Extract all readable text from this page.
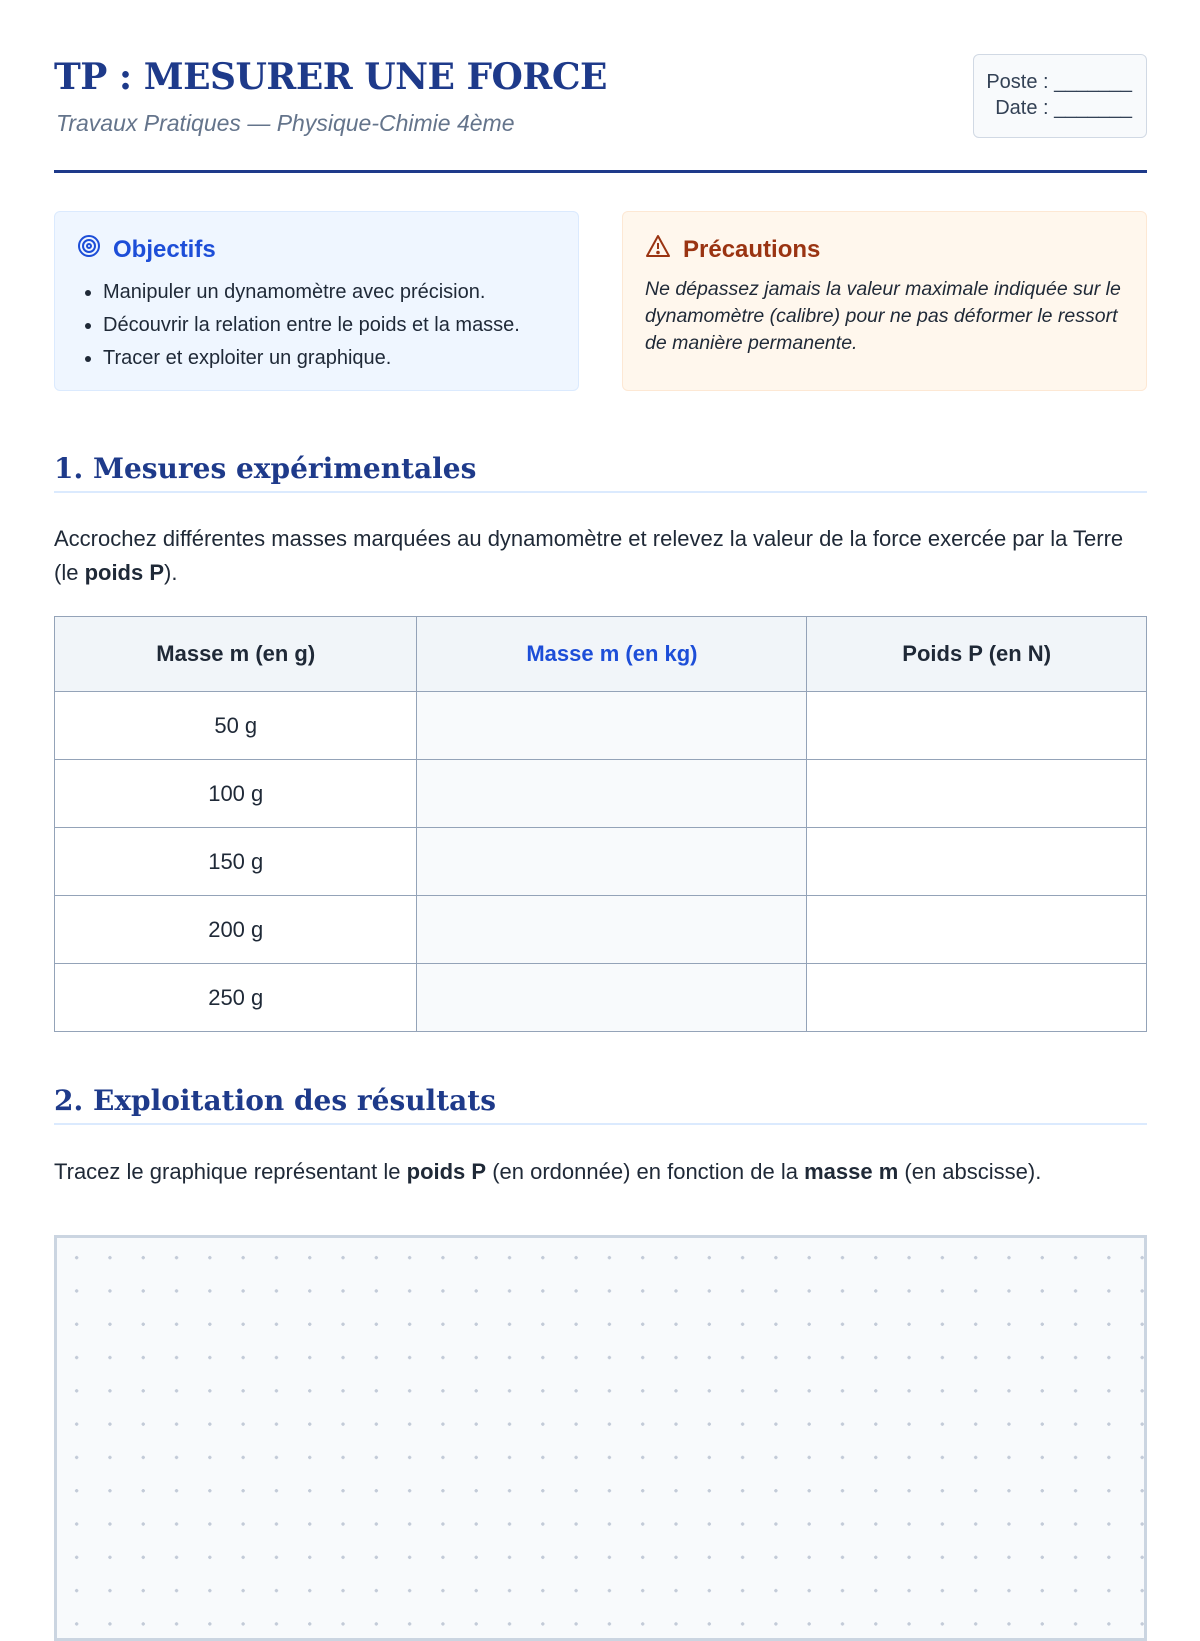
TP : MESURER UNE FORCE
Travaux Pratiques — Physique-Chimie 4ème
Poste : _______
Date : _______
Objectifs
• Manipuler un dynamomètre avec précision.
• Découvrir la relation entre le poids et la masse.
• Tracer et exploiter un graphique.
Précautions

Ne dépassez jamais la valeur maximale indiquée sur le dynamomètre (calibre) pour ne pas déformer le ressort de manière permanente.

1. Mesures expérimentales
Accrochez différentes masses marquées au dynamomètre et relevez la valeur de la force exercée par la Terre (le poids P).
Masse m (en g)	Masse m (en kg)	Poids P (en N)
50 g		
100 g		
150 g		
200 g		
250 g		
2. Exploitation des résultats
Tracez le graphique représentant le poids P (en ordonnée) en fonction de la masse m (en abscisse).
